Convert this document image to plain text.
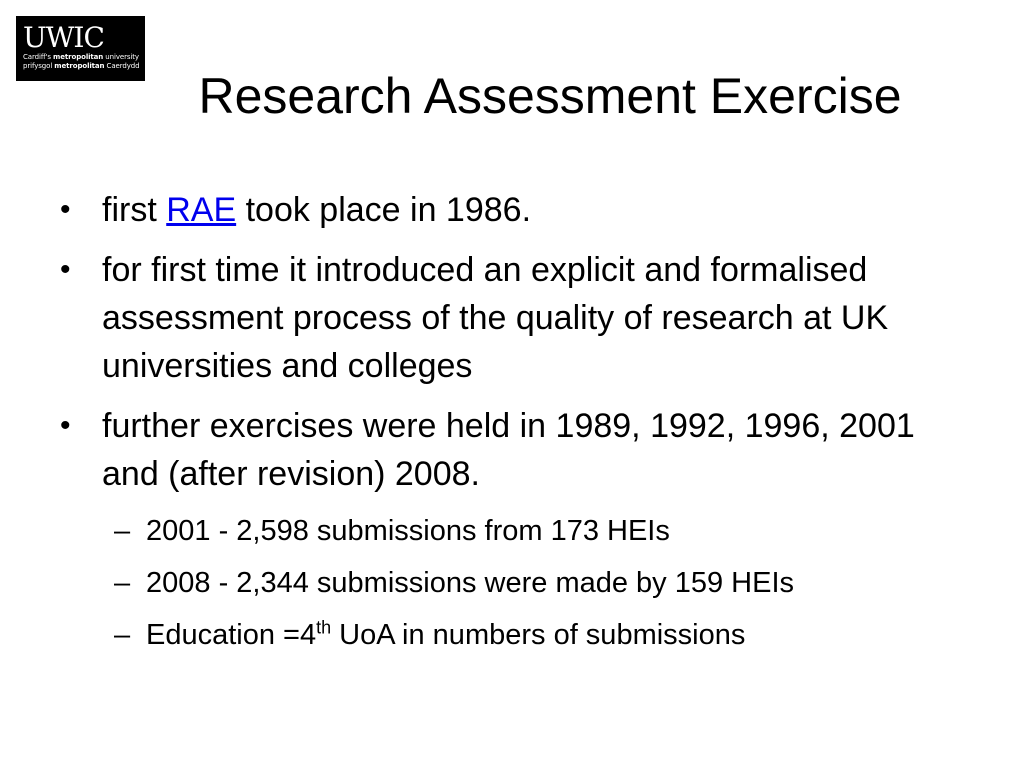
UWIC
Cardiff's metropolitan university
prifysgol metropolitan Caerdydd
Research Assessment Exercise
• first RAE took place in 1986.
• for first time it introduced an explicit and formalised assessment process of the quality of research at UK universities and colleges
• further exercises were held in 1989, 1992, 1996, 2001 and (after revision) 2008.
– 2001 - 2,598 submissions from 173 HEIs
– 2008 - 2,344 submissions were made by 159 HEIs
– Education =4th UoA in numbers of submissions
